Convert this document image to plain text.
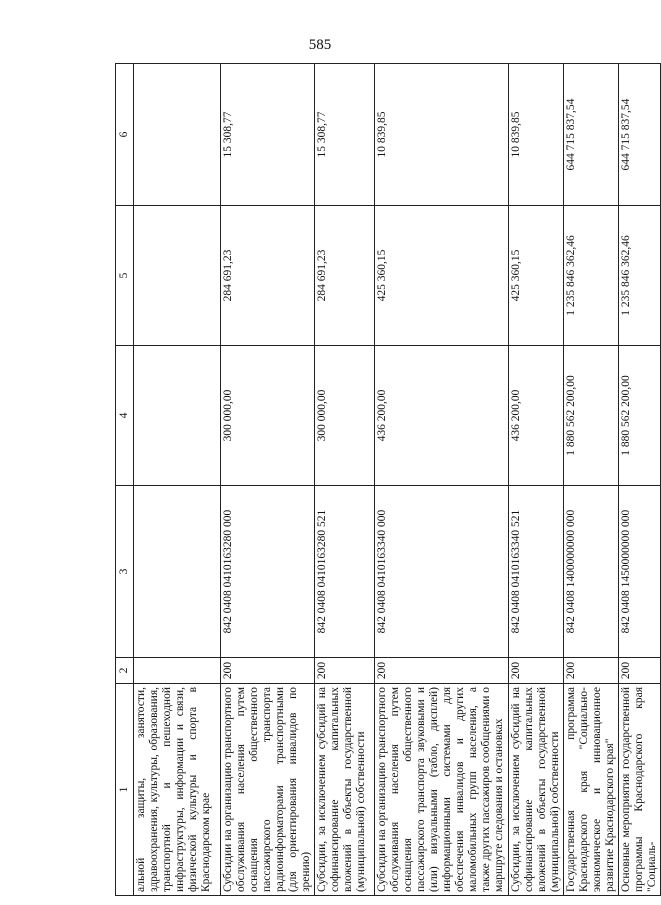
585
1	2	3	4	5	6
альной защиты, занятости, здравоохранения, культуры, образования, транспортной и пешеходной инфраструктуры, информации и связи, физической культуры и спорта в Краснодарском крае					
Субсидии на организацию транспортного обслуживания населения путем оснащения общественного пассажирского транспорта радиоинформаторами транспортными (для ориентирования инвалидов по зрению)	200	842 0408 0410163280 000	300 000,00	284 691,23	15 308,77
Субсидии, за исключением субсидий на софинансирование капитальных вложений в объекты государственной (муниципальной) собственности	200	842 0408 0410163280 521	300 000,00	284 691,23	15 308,77
Субсидии на организацию транспортного обслуживания населения путем оснащения общественного пассажирского транспорта звуковыми и (или) визуальными (табло, дисплей) информационными системами для обеспечения инвалидов и других маломобильных групп населения, а также других пассажиров сообщениями о маршруте следования и остановках	200	842 0408 0410163340 000	436 200,00	425 360,15	10 839,85
Субсидии, за исключением субсидий на софинансирование капитальных вложений в объекты государственной (муниципальной) собственности	200	842 0408 0410163340 521	436 200,00	425 360,15	10 839,85
Государственная программа Краснодарского края "Социально-экономическое и инновационное развитие Краснодарского края"	200	842 0408 1400000000 000	1 880 562 200,00	1 235 846 362,46	644 715 837,54
Основные мероприятия государственной программы Краснодарского края "Социаль-	200	842 0408 1450000000 000	1 880 562 200,00	1 235 846 362,46	644 715 837,54
